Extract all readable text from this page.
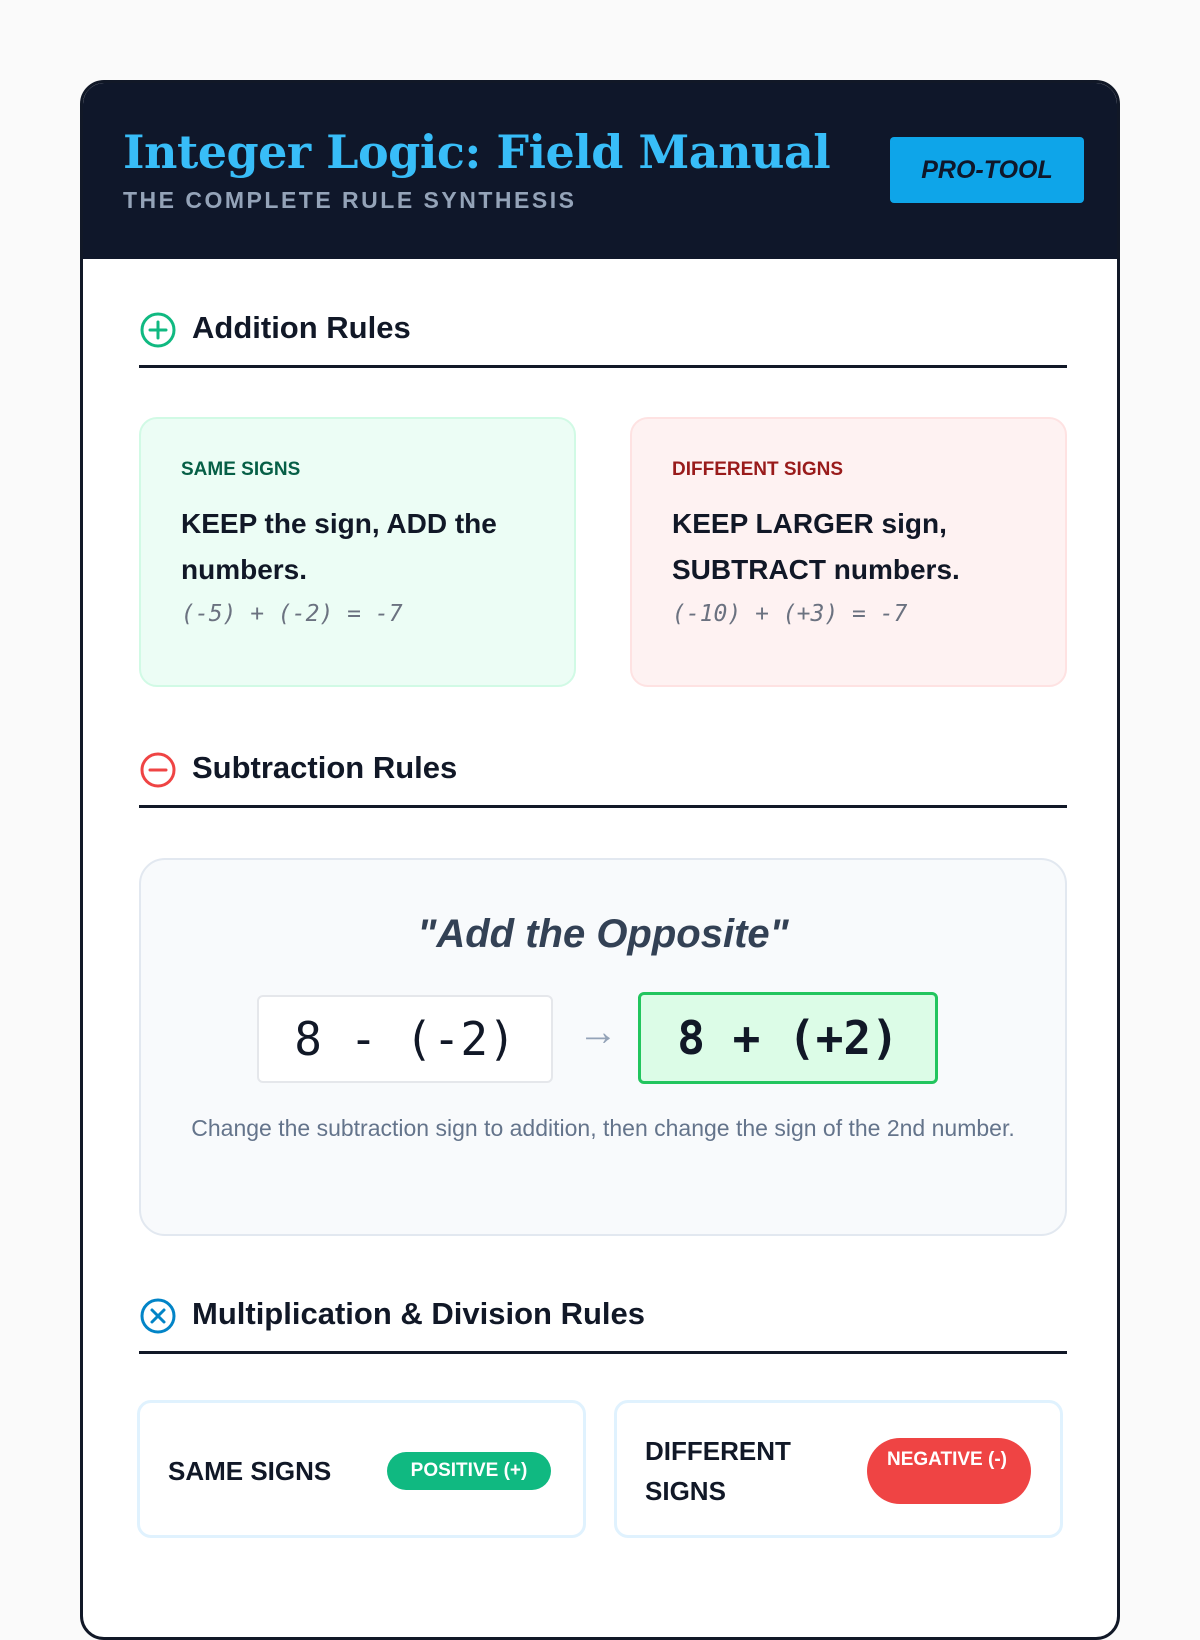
Integer Logic: Field Manual
THE COMPLETE RULE SYNTHESIS
PRO-TOOL
Addition Rules
SAME SIGNS
KEEP the sign, ADD the numbers.
(-5) + (-2) = -7
DIFFERENT SIGNS
KEEP LARGER sign, SUBTRACT numbers.
(-10) + (+3) = -7
Subtraction Rules
"Add the Opposite"
8 - (-2)	→	8 + (+2)
Change the subtraction sign to addition, then change the sign of the 2nd number.
Multiplication & Division Rules
SAME SIGNS	POSITIVE (+)
DIFFERENT SIGNS
NEGATIVE (-)
